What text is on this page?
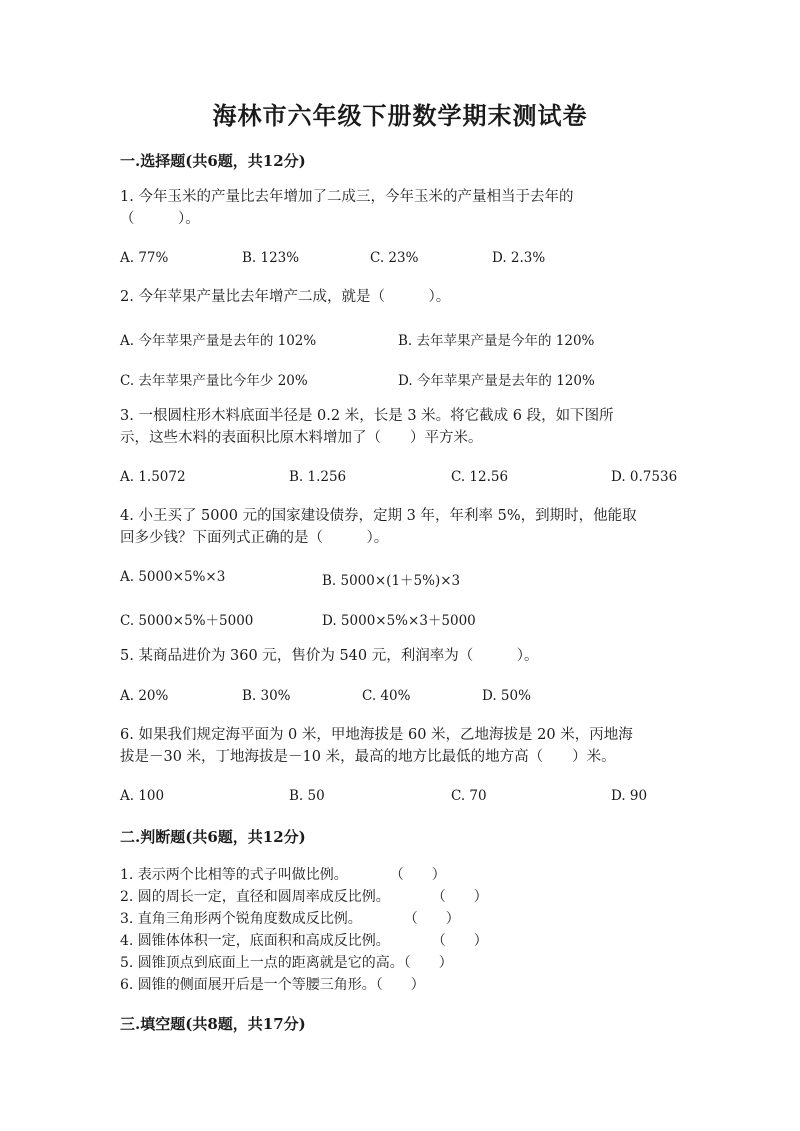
海林市六年级下册数学期末测试卷
一.选择题(共6题，共12分)
1. 今年玉米的产量比去年增加了二成三，今年玉米的产量相当于去年的
（　　　）。
A. 77%	B. 123%	C. 23%	D. 2.3%
2. 今年苹果产量比去年增产二成，就是（　　　）。
A. 今年苹果产量是去年的 102%	B. 去年苹果产量是今年的 120%
C. 去年苹果产量比今年少 20%	D. 今年苹果产量是去年的 120%
3. 一根圆柱形木料底面半径是 0.2 米，长是 3 米。将它截成 6 段，如下图所
示，这些木料的表面积比原木料增加了（　　）平方米。
A. 1.5072	B. 1.256	C. 12.56	D. 0.7536
4. 小王买了 5000 元的国家建设债券，定期 3 年，年利率 5%，到期时，他能取
回多少钱？下面列式正确的是（　　　）。
A. 5000×5%×3	B. 5000×(1＋5%)×3
C. 5000×5%＋5000	D. 5000×5%×3＋5000
5. 某商品进价为 360 元，售价为 540 元，利润率为（　　　）。
A. 20%	B. 30%	C. 40%	D. 50%
6. 如果我们规定海平面为 0 米，甲地海拔是 60 米，乙地海拔是 20 米，丙地海
拔是－30 米，丁地海拔是－10 米，最高的地方比最低的地方高（　　）米。
A. 100	B. 50	C. 70	D. 90
二.判断题(共6题，共12分)
1. 表示两个比相等的式子叫做比例。　　　　（　　）
2. 圆的周长一定，直径和圆周率成反比例。　　　　（　　）
3. 直角三角形两个锐角度数成反比例。　　　　（　　）
4. 圆锥体体积一定，底面积和高成反比例。　　　　（　　）
5. 圆锥顶点到底面上一点的距离就是它的高。（　　）
6. 圆锥的侧面展开后是一个等腰三角形。（　　）
三.填空题(共8题，共17分)
